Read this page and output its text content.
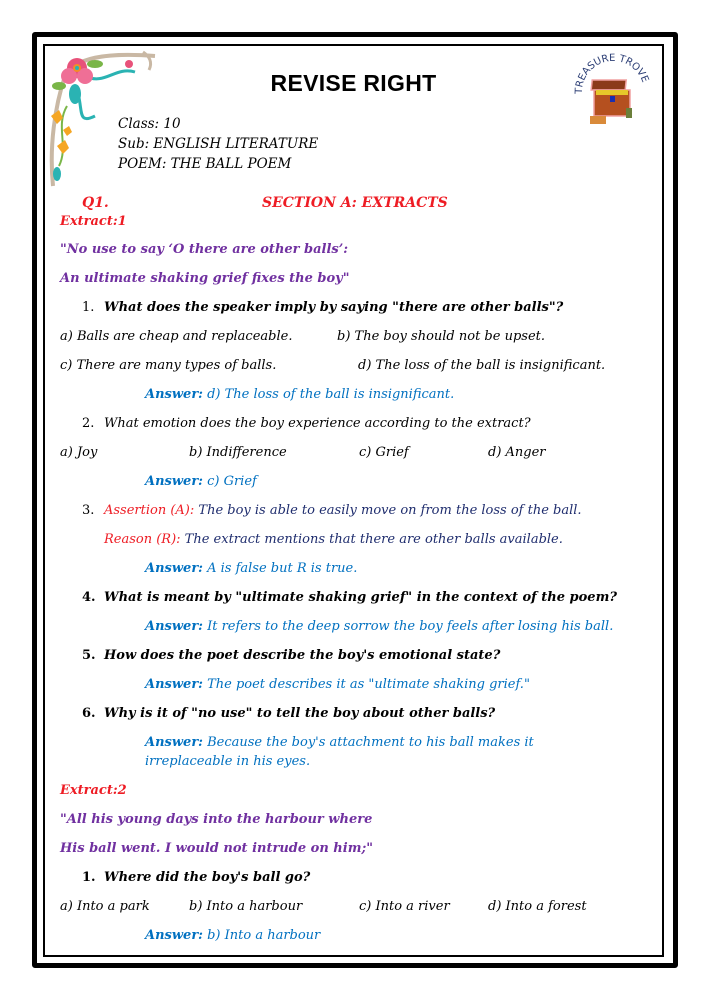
TREASURE TROVE
REVISE RIGHT
Class: 10
Sub: ENGLISH LITERATURE
POEM: THE BALL POEM
Q1.	SECTION A: EXTRACTS
Extract:1
"No use to say ‘O there are other balls’:
An ultimate shaking grief fixes the boy"
1. What does the speaker imply by saying "there are other balls"?
a) Balls are cheap and replaceable.	b) The boy should not be upset.
c) There are many types of balls.	d) The loss of the ball is insignificant.
Answer: d) The loss of the ball is insignificant.
2. What emotion does the boy experience according to the extract?
a) Joy	b) Indifference	c) Grief	d) Anger
Answer: c) Grief
3. Assertion (A): The boy is able to easily move on from the loss of the ball.
Reason (R): The extract mentions that there are other balls available.
Answer: A is false but R is true.
4. What is meant by "ultimate shaking grief" in the context of the poem?
Answer: It refers to the deep sorrow the boy feels after losing his ball.
5. How does the poet describe the boy's emotional state?
Answer: The poet describes it as "ultimate shaking grief."
6. Why is it of "no use" to tell the boy about other balls?
Answer: Because the boy's attachment to his ball makes it
irreplaceable in his eyes.
Extract:2
"All his young days into the harbour where
His ball went. I would not intrude on him;"
1. Where did the boy's ball go?
a) Into a park	b) Into a harbour	c) Into a river	d) Into a forest
Answer: b) Into a harbour
